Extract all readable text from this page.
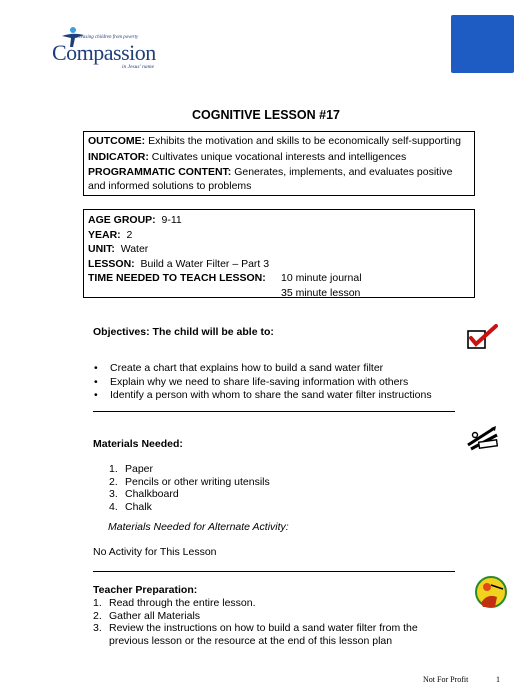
Releasing children from poverty
Compassion
in Jesus' name
COGNITIVE LESSON #17

OUTCOME: Exhibits the motivation and skills to be economically self-supporting

INDICATOR: Cultivates unique vocational interests and intelligences

PROGRAMMATIC CONTENT: Generates, implements, and evaluates positive and informed solutions to problems

AGE GROUP: 9-11
YEAR: 2
UNIT: Water
LESSON: Build a Water Filter – Part 3
TIME NEEDED TO TEACH LESSON:	10 minute journal
35 minute lesson
Objectives: The child will be able to:
• Create a chart that explains how to build a sand water filter
• Explain why we need to share life-saving information with others
• Identify a person with whom to share the sand water filter instructions
Materials Needed:
1. Paper
2. Pencils or other writing utensils
3. Chalkboard
4. Chalk
Materials Needed for Alternate Activity:
No Activity for This Lesson
Teacher Preparation:
1. Read through the entire lesson.
2. Gather all Materials
3. Review the instructions on how to build a sand water filter from the previous lesson or the resource at the end of this lesson plan
Not For Profit	1
